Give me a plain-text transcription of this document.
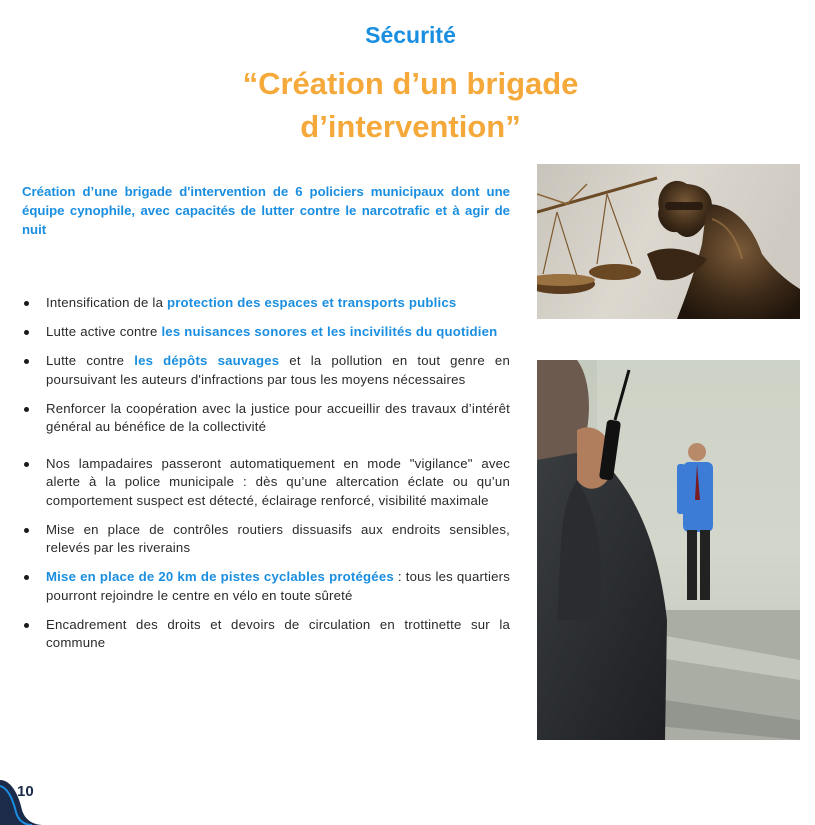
Sécurité
“Création d’un brigade
d’intervention”
Création d’une brigade d'intervention de 6 policiers municipaux dont une équipe cynophile, avec capacités de lutter contre le narcotrafic et à agir de nuit
Intensification de la protection des espaces et transports publics
Lutte active contre les nuisances sonores et les incivilités du quotidien
Lutte contre les dépôts sauvages et la pollution en tout genre en poursuivant les auteurs d'infractions par tous les moyens nécessaires
Renforcer la coopération avec la justice pour accueillir des travaux d’intérêt général au bénéfice de la collectivité
Nos lampadaires passeront automatiquement en mode "vigilance" avec alerte à la police municipale : dès qu’une altercation éclate ou qu’un comportement suspect est détecté, éclairage renforcé, visibilité maximale
Mise en place de contrôles routiers dissuasifs aux endroits sensibles, relevés par les riverains
Mise en place de 20 km de pistes cyclables protégées : tous les quartiers pourront rejoindre le centre en vélo en toute sûreté
Encadrement des droits et devoirs de circulation en trottinette sur la commune
10
